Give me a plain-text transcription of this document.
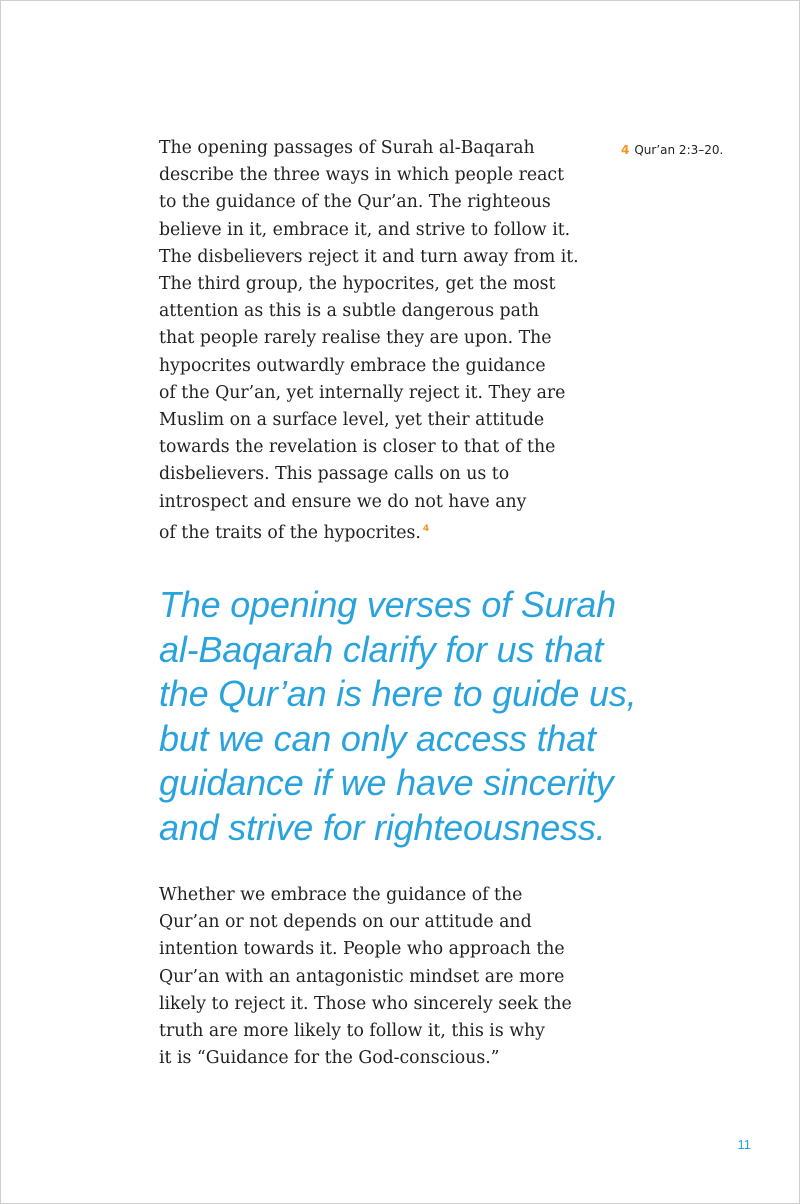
The opening passages of Surah al-Baqarah
describe the three ways in which people react
to the guidance of the Qur’an. The righteous
believe in it, embrace it, and strive to follow it.
The disbelievers reject it and turn away from it.
The third group, the hypocrites, get the most
attention as this is a subtle dangerous path
that people rarely realise they are upon. The
hypocrites outwardly embrace the guidance
of the Qur’an, yet internally reject it. They are
Muslim on a surface level, yet their attitude
towards the revelation is closer to that of the
disbelievers. This passage calls on us to
introspect and ensure we do not have any
of the traits of the hypocrites. $^4$
4 Qur’an 2:3–20.
The opening verses of Surah
al-Baqarah clarify for us that
the Qur’an is here to guide us,
but we can only access that
guidance if we have sincerity
and strive for righteousness.
Whether we embrace the guidance of the
Qur’an or not depends on our attitude and
intention towards it. People who approach the
Qur’an with an antagonistic mindset are more
likely to reject it. Those who sincerely seek the
truth are more likely to follow it, this is why
it is “Guidance for the God-conscious.”
11
